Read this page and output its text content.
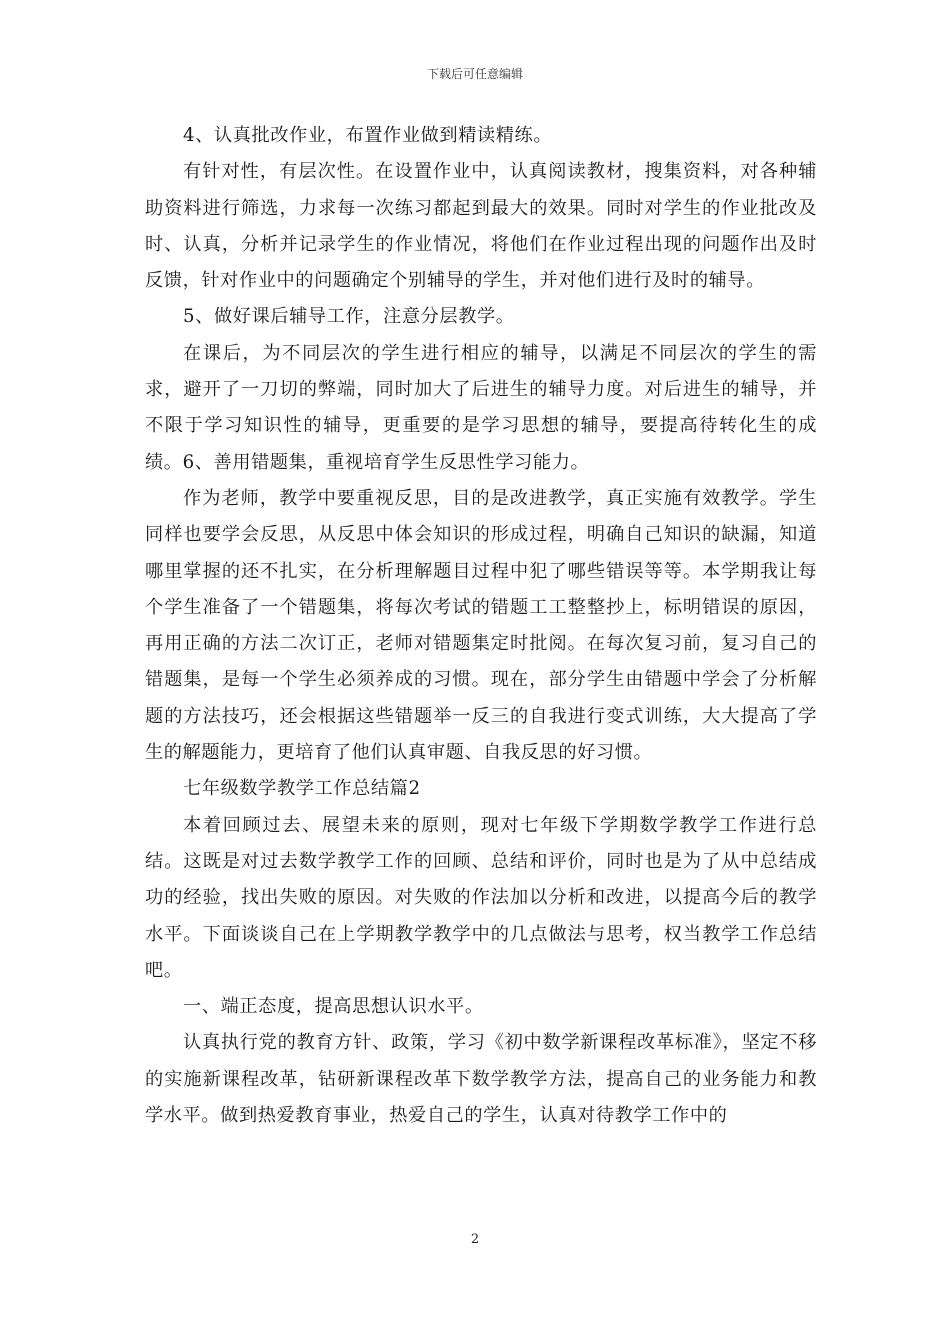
下载后可任意编辑

4、认真批改作业，布置作业做到精读精练。

有针对性，有层次性。在设置作业中，认真阅读教材，搜集资料，对各种辅助资料进行筛选，力求每一次练习都起到最大的效果。同时对学生的作业批改及时、认真，分析并记录学生的作业情况，将他们在作业过程出现的问题作出及时反馈，针对作业中的问题确定个别辅导的学生，并对他们进行及时的辅导。

5、做好课后辅导工作，注意分层教学。

在课后，为不同层次的学生进行相应的辅导，以满足不同层次的学生的需求，避开了一刀切的弊端，同时加大了后进生的辅导力度。对后进生的辅导，并不限于学习知识性的辅导，更重要的是学习思想的辅导，要提高待转化生的成绩。6、善用错题集，重视培育学生反思性学习能力。

作为老师，教学中要重视反思，目的是改进教学，真正实施有效教学。学生同样也要学会反思，从反思中体会知识的形成过程，明确自己知识的缺漏，知道哪里掌握的还不扎实，在分析理解题目过程中犯了哪些错误等等。本学期我让每个学生准备了一个错题集，将每次考试的错题工工整整抄上，标明错误的原因，再用正确的方法二次订正，老师对错题集定时批阅。在每次复习前，复习自己的错题集，是每一个学生必须养成的习惯。现在，部分学生由错题中学会了分析解题的方法技巧，还会根据这些错题举一反三的自我进行变式训练，大大提高了学生的解题能力，更培育了他们认真审题、自我反思的好习惯。

七年级数学教学工作总结篇2

本着回顾过去、展望未来的原则，现对七年级下学期数学教学工作进行总结。这既是对过去数学教学工作的回顾、总结和评价，同时也是为了从中总结成功的经验，找出失败的原因。对失败的作法加以分析和改进，以提高今后的教学水平。下面谈谈自己在上学期教学教学中的几点做法与思考，权当教学工作总结吧。

一、端正态度，提高思想认识水平。

认真执行党的教育方针、政策，学习《初中数学新课程改革标准》，坚定不移的实施新课程改革，钻研新课程改革下数学教学方法，提高自己的业务能力和教学水平。做到热爱教育事业，热爱自己的学生，认真对待教学工作中的

2
